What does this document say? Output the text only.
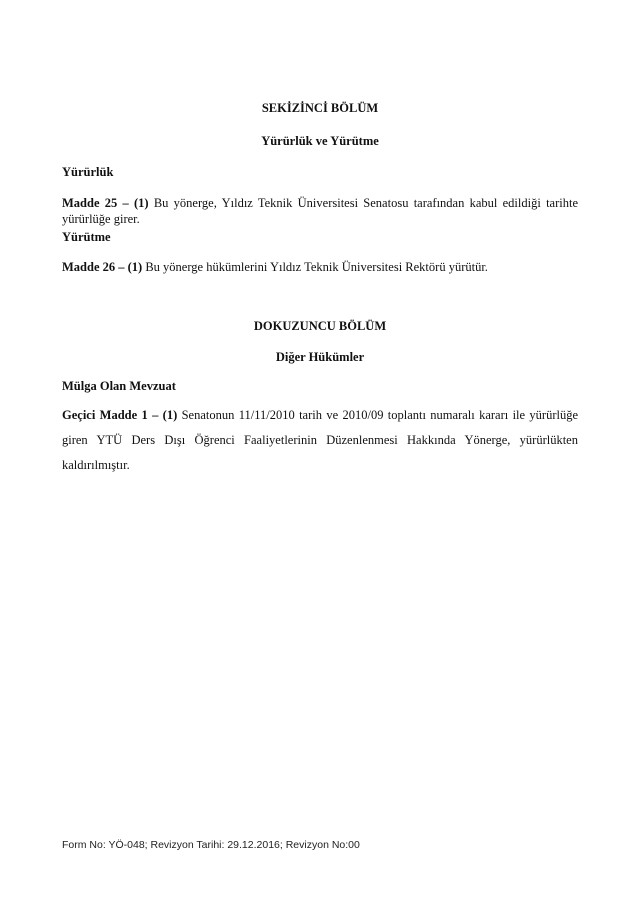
SEKİZİNCİ BÖLÜM
Yürürlük ve Yürütme
Yürürlük
Madde 25 – (1) Bu yönerge, Yıldız Teknik Üniversitesi Senatosu tarafından kabul edildiği tarihte yürürlüğe girer.
Yürütme
Madde 26 – (1) Bu yönerge hükümlerini Yıldız Teknik Üniversitesi Rektörü yürütür.
DOKUZUNCU BÖLÜM
Diğer Hükümler
Mülga Olan Mevzuat
Geçici Madde 1 – (1) Senatonun 11/11/2010 tarih ve 2010/09 toplantı numaralı kararı ile yürürlüğe giren YTÜ Ders Dışı Öğrenci Faaliyetlerinin Düzenlenmesi Hakkında Yönerge, yürürlükten kaldırılmıştır.
Form No: YÖ-048; Revizyon Tarihi: 29.12.2016; Revizyon No:00
